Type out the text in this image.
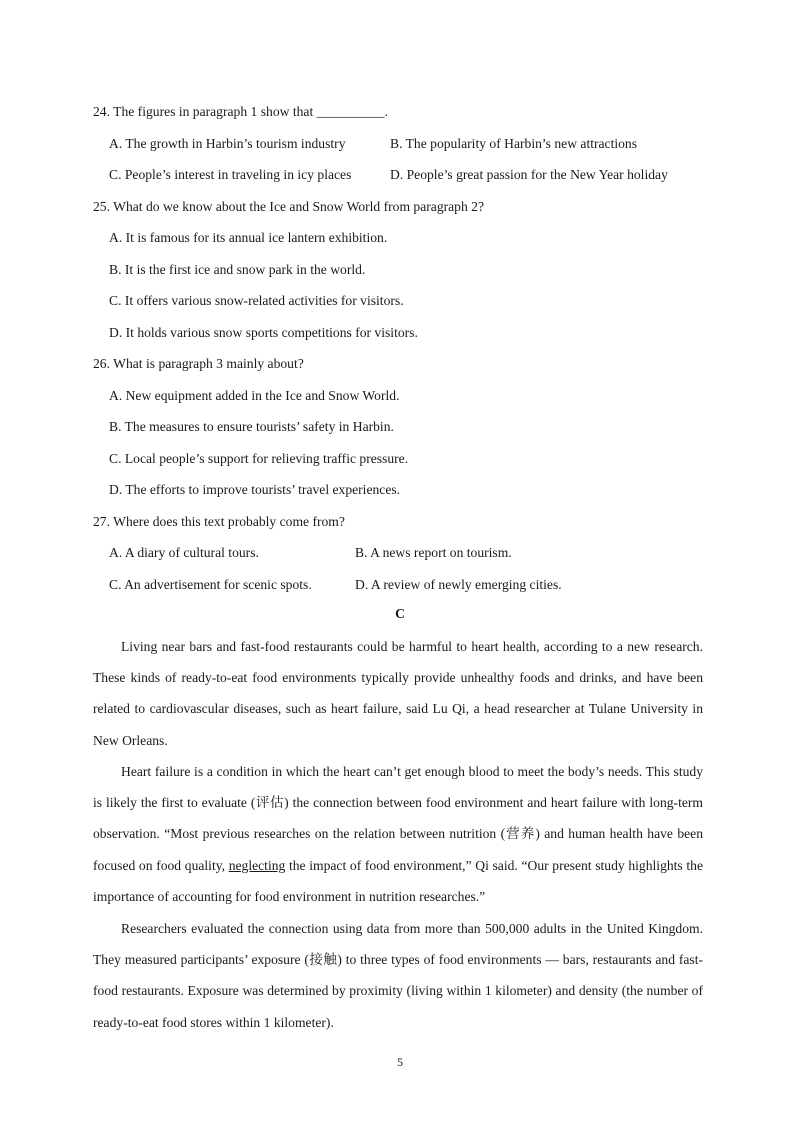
24. The figures in paragraph 1 show that __________.
A. The growth in Harbin’s tourism industry	B. The popularity of Harbin’s new attractions
C. People’s interest in traveling in icy places	D. People’s great passion for the New Year holiday
25. What do we know about the Ice and Snow World from paragraph 2?
A. It is famous for its annual ice lantern exhibition.
B. It is the first ice and snow park in the world.
C. It offers various snow-related activities for visitors.
D. It holds various snow sports competitions for visitors.
26. What is paragraph 3 mainly about?
A. New equipment added in the Ice and Snow World.
B. The measures to ensure tourists’ safety in Harbin.
C. Local people’s support for relieving traffic pressure.
D. The efforts to improve tourists’ travel experiences.
27. Where does this text probably come from?
A. A diary of cultural tours.	B. A news report on tourism.
C. An advertisement for scenic spots.	D. A review of newly emerging cities.
C
Living near bars and fast-food restaurants could be harmful to heart health, according to a new research. These kinds of ready-to-eat food environments typically provide unhealthy foods and drinks, and have been related to cardiovascular diseases, such as heart failure, said Lu Qi, a head researcher at Tulane University in New Orleans.
Heart failure is a condition in which the heart can’t get enough blood to meet the body’s needs. This study is likely the first to evaluate (评估) the connection between food environment and heart failure with long-term observation. “Most previous researches on the relation between nutrition (营养) and human health have been focused on food quality, neglecting the impact of food environment,” Qi said. “Our present study highlights the importance of accounting for food environment in nutrition researches.”
Researchers evaluated the connection using data from more than 500,000 adults in the United Kingdom. They measured participants’ exposure (接触) to three types of food environments — bars, restaurants and fast-food restaurants. Exposure was determined by proximity (living within 1 kilometer) and density (the number of ready-to-eat food stores within 1 kilometer).
5
